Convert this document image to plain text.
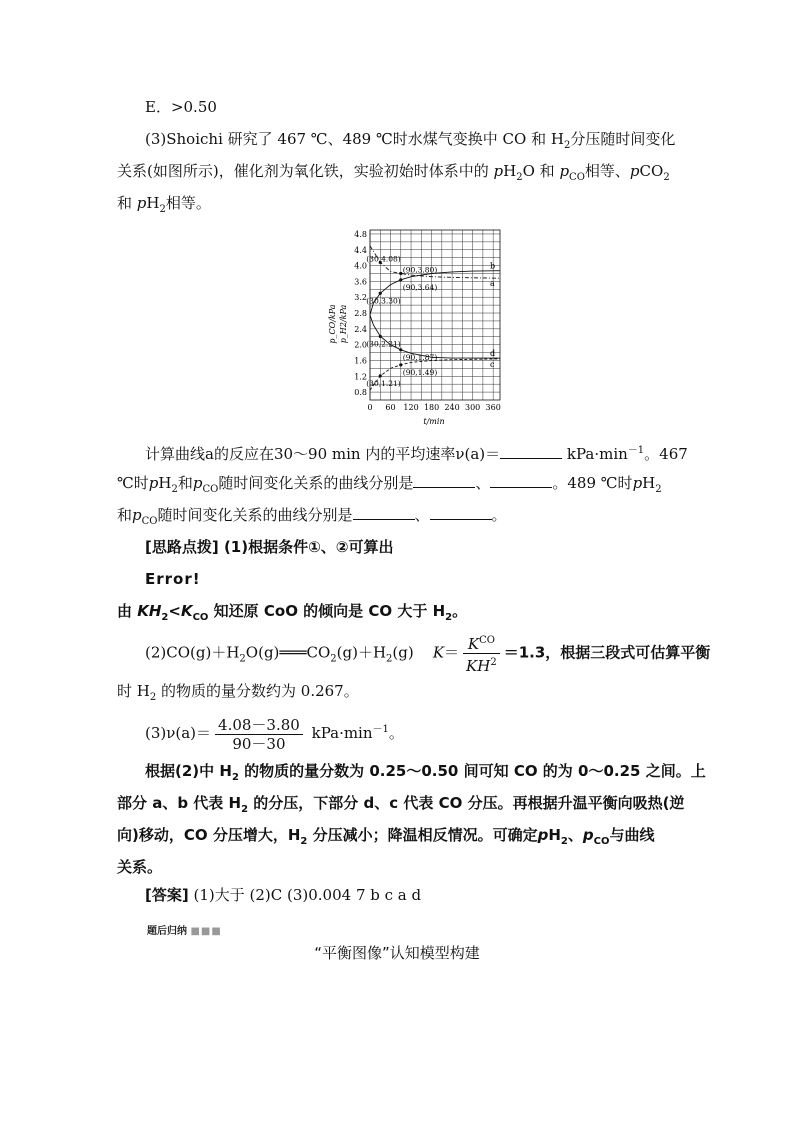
E．>0.50
(3)Shoichi 研究了 467 ℃、489 ℃时水煤气变换中 CO 和 $H_2$分压随时间变化
关系(如图所示)，催化剂为氧化铁，实验初始时体系中的 $pH_2O$ 和 $p_{CO}$相等、pCO$_2$
和 $pH_2$相等。
0.8
1.2
1.6
2.0
2.4
2.8
3.2
3.6
4.0
4.4
4.8
0 60 120 180 240 300 360
a
b
d
c
(30,4.08)
(90,3.80)
(90,3.64)
(30,3.30)
(30,2.21)
(90,1.87)
(90,1.49)
(30,1.21)
p_CO/kPa p_H2/kPa
t/min
计算曲线a的反应在30～90 min 内的平均速率ν(a)＝	$kPa\cdot\min^{-1}$。467
℃时$pH_2$和$p_{CO}$随时间变化关系的曲线分别是	、	。489 ℃时$pH_2$
和$p_{CO}$随时间变化关系的曲线分别是	、	。
[思路点拨] (1)根据条件①、②可算出
Error!
由 $KH_2<K_{CO}$ 知还原 CoO 的倾向是 CO 大于 $H_2$。
$(2)CO(g)+H_2O(g)═══CO_2(g)+H_2(g)$ $K= \frac{K^{CO}}{KH^2} =1.3$，根据三段式可估算平衡
时 $H_2$ 的物质的量分数约为 0.267。
$(3)\nu(a)= \frac{4.08-3.80}{90-30} kPa\cdot\min^{-1}$。
根据(2)中 $H_2$ 的物质的量分数为 0.25～0.50 间可知 CO 的为 0～0.25 之间。上
部分 a、b 代表 $H_2$ 的分压，下部分 d、c 代表 CO 分压。再根据升温平衡向吸热(逆
向)移动，CO 分压增大，$H_2$ 分压减小；降温相反情况。可确定$pH_2$、$p_{CO}$与曲线
关系。
[答案] (1)大于 (2)C (3)0.004 7 b c a d
题后归纳 ■■■
“平衡图像”认知模型构建
